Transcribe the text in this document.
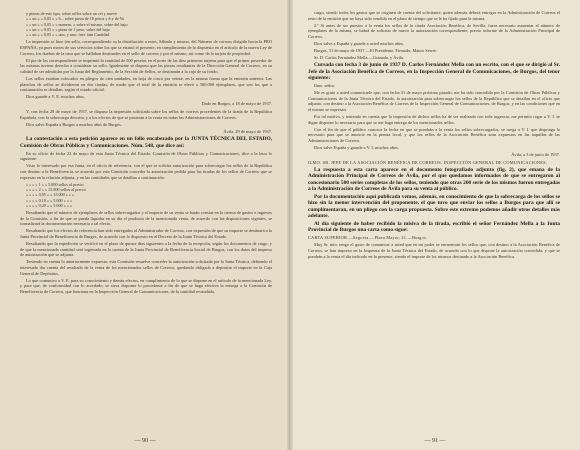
y piezas de este tipo, sobre sellos sobre un cet y nueve
» » un » » 0,05 » » 6... sobre pieza de 10 pesos y ñ y de Vo
» » un » » 0,05 » » numero, » sobre el mismo, sobre del bajo
» » un » » 0,05 » » pieza de 1 peso, sobre del bajo
» » un » » 0,05 » » uno, y uno, fuer. tam Cantidad
La impresión se hizo (en sello, correspondiendo su la distribución a estos, Sábado y mismo, del Número de correos dirigido hacia la PRO ESPAÑA, ya pues meses de sus servicios sobre los que se estimó el presente, en cumplimiento de lo dispuesto en el articulo de la nueva Ley de Correos, los dueños de la casa que se hallaban destinados en el sello de correos y por el mismo, así como de la tarjeta de propiedad.
El pie de los correspondiente se imprimió la cantidad de 500 pesetas en el porte de las diez primeras tarjetas para que el primer poseedor de las mismas tuviese derecho a considerar su sello. Igualmente se dispuso que las piezas resultantes de la Dirección General de Correos, en su calidad de ser admitidas por la Junta del Reglamento, de la Sección de Sellos, se destinarán a la caja de su fondo.
Los sellos estaban colocados en pliegos de cien unidades, en hoja de cinco por veinte, en la misma forma que la emisión anterior. Las planchas de sellos se dividieron en dos tiradas, de modo que el total de la emisión se elevó a 500.000 ejemplares, que son los que a continuación se detallan, según el estado oficial.
Dios guarde a V. E. muchos años.
Dado en Burgos, a 18 de mayo de 1937.
Y, con fecha 29 de mayo de 1937, se dispuso la impresión solicitada sobre los sellos de correos procedentes de la tirada de la República Española, con la sobrecarga descrita, y a los efectos de que se pusieran a la venta en todas las Administraciones de Correos.
Dios salve España a Burgos a muchos años de Burgos.
Ávila, 29 de mayo de 1937.
La contestación a esta petición aparece en un folio encabezado por la JUNTA TÉCNICA DEL ESTADO, Comisión de Obras Públicas y Comunicaciones. Núm. 548, que dice así:
En su oficio de fecha 22 de mayo de esta Junta Técnica del Estado, Comisión de Obras Públicas y Comunicaciones, dice a la letra lo siguiente:
Visto lo interesado por esa Junta, en el oficio de referencia, con el que se solicita autorización para sobrecargar los sellos de la República con destino a la Beneficencia, se acuerda por esta Comisión conceder la autorización pedida para las tiradas de los sellos de Correos que se expresan en la relación adjunta, y en las cantidades que se detallan a continuación:
» » » » 1 » » 5.000 sellos al precio
» » » » 2 » » 15.000 sellos al precio
» » » » 0,05 » » 15.000 » » »
» » » » 0,10 » » 5.000 » » »
» » » » 0,20 » » 5.000 » » »
Resultando que el número de ejemplares de sellos sobrecargados y el importe de su venta se harán constar en la cuenta de gastos e ingresos de la Comisión, a fin de que se pueda liquidar en su día el producto de la mencionada venta, de acuerdo con las disposiciones vigentes, se formalizará la documentación necesaria a tal efecto.
Resultando que los efectos de referencia han sido entregados al Administrador de Correos, con expresión de que su importe se destinará a la Junta Provincial de Beneficencia de Burgos, de acuerdo con lo dispuesto en el Decreto de la Junta Técnica del Estado.
Resultando que la expedición se verificó en el plazo de quince días siguientes a la fecha de la recepción, según los documentos de cargo, y de que la mencionada cantidad será ingresada en la cuenta de la Junta Provincial de Beneficencia Social de Burgos, con los datos del impreso de autorización que se adjunta.
Teniendo en cuenta lo anteriormente expuesto, esta Comisión resuelve conceder la autorización solicitada por la Junta Técnica, debiendo el interesado dar cuenta del resultado de la venta de los mencionados sellos de Correos, quedando obligado a depositar el importe en la Caja General de Depósitos.
Lo que comunico a V. E. para su conocimiento y demás efectos, en cumplimiento de lo que se dispone en el artículo de la mencionada Ley, y para que, de conformidad con lo acordado, se sirva disponer lo procedente a fin de que se haga efectiva la entrega a la Comisión de Beneficencia de Correos, que funciona en la Inspección General de Comunicaciones, de la cantidad recaudada.
— 90 —
cargo, siendo todos los gastos que se originen de cuenta del solicitante, quien además deberá entregar en la Administración de Correos el resto de la emisión que no haya sido vendida en el plazo de tiempo que se le ha fijado para la misma.
2.º Si antes de ser puestos a la venta los sellos de la citada Asociación Benéfica, de Sevilla, fuera necesario aumentar el número de ejemplares de la misma, se habrá de solicitar de nuevo la autorización correspondiente, previo informe de la Administración Principal de Correos.
Dios salve a España y guarde a usted muchos años.
Burgos, 31 de mayo de 1937.—El Presidente, Firmado, Mauro Serret.
Sr. D. Carlos Fernández Mella.—Granada, y Ávila.
Cursada con fecha 3 de junio de 1937 D. Carlos Fernández Mella con un escrito, con el que se dirigió al Sr. Jefe de la Asociación Benéfica de Correos, en la Inspección General de Comunicaciones, de Burgos, del tenor siguiente:
Ilmo. señor:
Me es grato a usted comunicarle que, con fecha 31 de mayo próximo pasado, me ha sido concedida por la Comisión de Obras Públicas y Comunicaciones de la Junta Técnica del Estado, la autorización para sobrecargar los sellos de la República que se detallan en el oficio que adjunto, con destino a la Asociación Benéfica de Correos de la Inspección General de Comunicaciones, de Burgos, y en las condiciones que en el mismo se expresan.
Por tal motivo, y teniendo en cuenta que la impresión de dichos sellos ha de ser realizada con toda urgencia, me permito rogar a V. I. se digne disponer lo necesario para que se me haga entrega de los mencionados sellos.
Con el fin de que el público conozca la fecha en que se pondrán a la venta los sellos sobrecargados, se ruega a V. I. que disponga lo necesario para que se anuncie en la prensa local, y que los sellos de la Asociación Benéfica sean expuestos en las taquillas de las Administraciones de Correos.
Dios salve España y guarde a V. I. muchos años.
Ávila, a 3 de junio de 1937.
ILMO. SR. JEFE DE LA ASOCIACIÓN BENÉFICA DE CORREOS. INSPECCIÓN GENERAL DE COMUNICACIONES.
La respuesta a esta carta aparece en el documento fotografiado adjunto (fig. 2), que emana de la Administración Principal de Correos de Ávila, por el que quedamos informados de que se entregaron al concesionario 500 series completas de los sellos, teniendo que otras 200 serie de los mismos fueron entregadas a la Administración de Correos de Ávila para su venta al público.
Por la documentación aquí publicada vemos, además, en conocimiento de que la sobrecarga de los sellos se hizo sin la menor intervención del proponente, el que tuvo que enviar los sellos a Burgos para que allí se cumplimentaran, en un pliego con la carga propuesta. Sobre este extremo podemos añadir otros detalles más adelante.
Al día siguiente de haber recibido la misiva de la tirada, escribió el señor Fernández Mella a la Junta Provincial de Burgos una carta como sigue:
CARTA SUPERIOR.—Segovia.—Plaza Mayor, 21.—Burgos.
Muy Sr. mío: tengo el gusto de comunicar a usted que en mi poder se encuentran los sellos que, con destino a la Asociación Benéfica de Correos, se han impreso en la Imprenta de la Junta Técnica del Estado, de acuerdo con lo que dispone la autorización concedida, y que se pondrán a la venta el día indicado en la presente, siendo el importe de los mismos destinado a la Asociación Benéfica.
— 91 —
